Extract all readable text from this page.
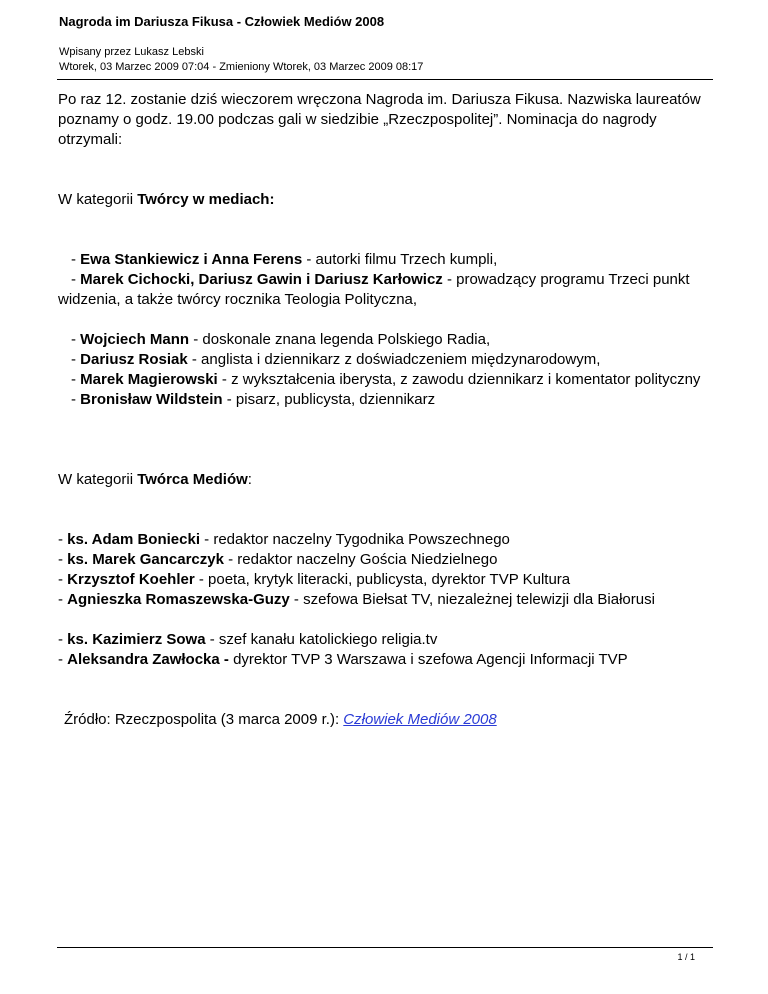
Nagroda im Dariusza Fikusa - Człowiek Mediów 2008
Wpisany przez Lukasz Lebski
Wtorek, 03 Marzec 2009 07:04 - Zmieniony Wtorek, 03 Marzec 2009 08:17

Po raz 12. zostanie dziś wieczorem wręczona Nagroda im. Dariusza Fikusa. Nazwiska laureatów poznamy o godz. 19.00 podczas gali w siedzibie „Rzeczpospolitej”. Nominacja do nagrody otrzymali:

W kategorii Twórcy w mediach:
- Ewa Stankiewicz i Anna Ferens - autorki filmu Trzech kumpli,
- Marek Cichocki, Dariusz Gawin i Dariusz Karłowicz - prowadzący programu Trzeci punkt widzenia, a także twórcy rocznika Teologia Polityczna,
- Wojciech Mann - doskonale znana legenda Polskiego Radia,
- Dariusz Rosiak - anglista i dziennikarz z doświadczeniem międzynarodowym,
- Marek Magierowski - z wykształcenia iberysta, z zawodu dziennikarz i komentator polityczny
- Bronisław Wildstein - pisarz, publicysta, dziennikarz
W kategorii Twórca Mediów:
- ks. Adam Boniecki - redaktor naczelny Tygodnika Powszechnego
- ks. Marek Gancarczyk - redaktor naczelny Gościa Niedzielnego
- Krzysztof Koehler - poeta, krytyk literacki, publicysta, dyrektor TVP Kultura
- Agnieszka Romaszewska-Guzy - szefowa Biełsat TV, niezależnej telewizji dla Białorusi
- ks. Kazimierz Sowa - szef kanału katolickiego religia.tv
- Aleksandra Zawłocka - dyrektor TVP 3 Warszawa i szefowa Agencji Informacji TVP
Źródło: Rzeczpospolita (3 marca 2009 r.): Człowiek Mediów 2008
1 / 1
